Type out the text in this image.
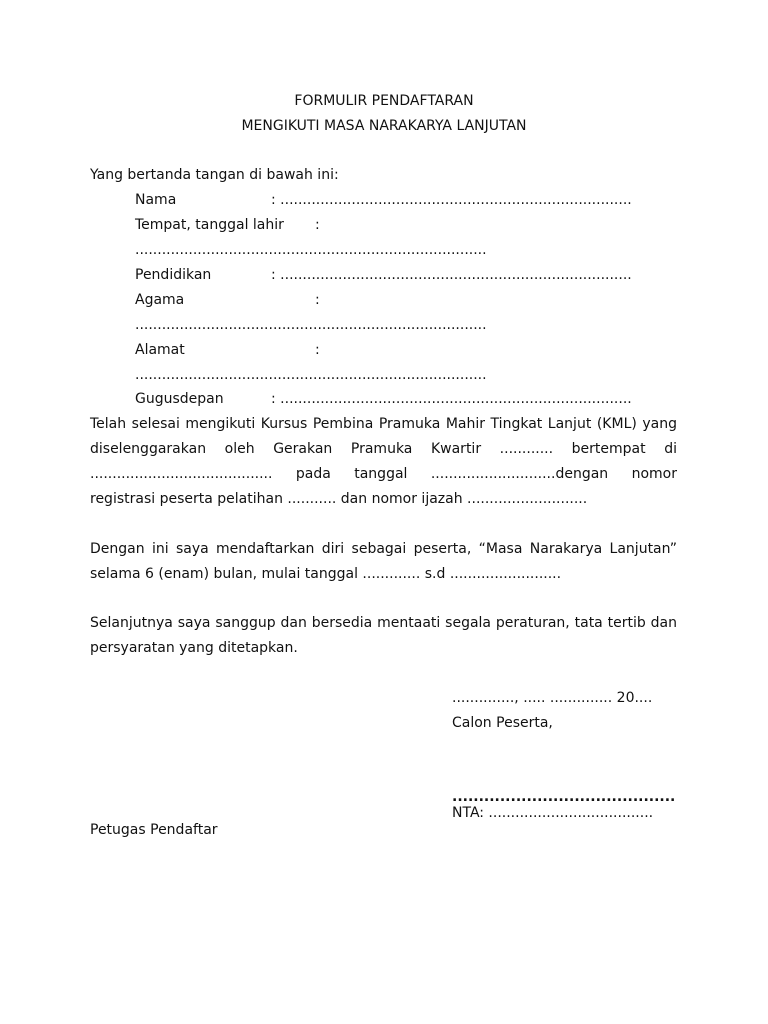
FORMULIR PENDAFTARAN
MENGIKUTI MASA NARAKARYA LANJUTAN
Yang bertanda tangan di bawah ini:
Nama	: ...............................................................................
Tempat, tanggal lahir :
...............................................................................
Pendidikan	: ...............................................................................
Agama	:
...............................................................................
Alamat	:
...............................................................................
Gugusdepan	: ...............................................................................
Telah selesai mengikuti Kursus Pembina Pramuka Mahir Tingkat Lanjut (KML) yang
diselenggarakan oleh Gerakan Pramuka Kwartir ............ bertempat di
......................................... pada tanggal ............................dengan nomor
registrasi peserta pelatihan ........... dan nomor ijazah ...........................
Dengan ini saya mendaftarkan diri sebagai peserta, “Masa Narakarya Lanjutan”
selama 6 (enam) bulan, mulai tanggal ............. s.d .........................
Selanjutnya saya sanggup dan bersedia mentaati segala peraturan, tata tertib dan
persyaratan yang ditetapkan.
.............., ..... .............. 20....
Calon Peserta,
..........................................
NTA: .....................................
Petugas Pendaftar
